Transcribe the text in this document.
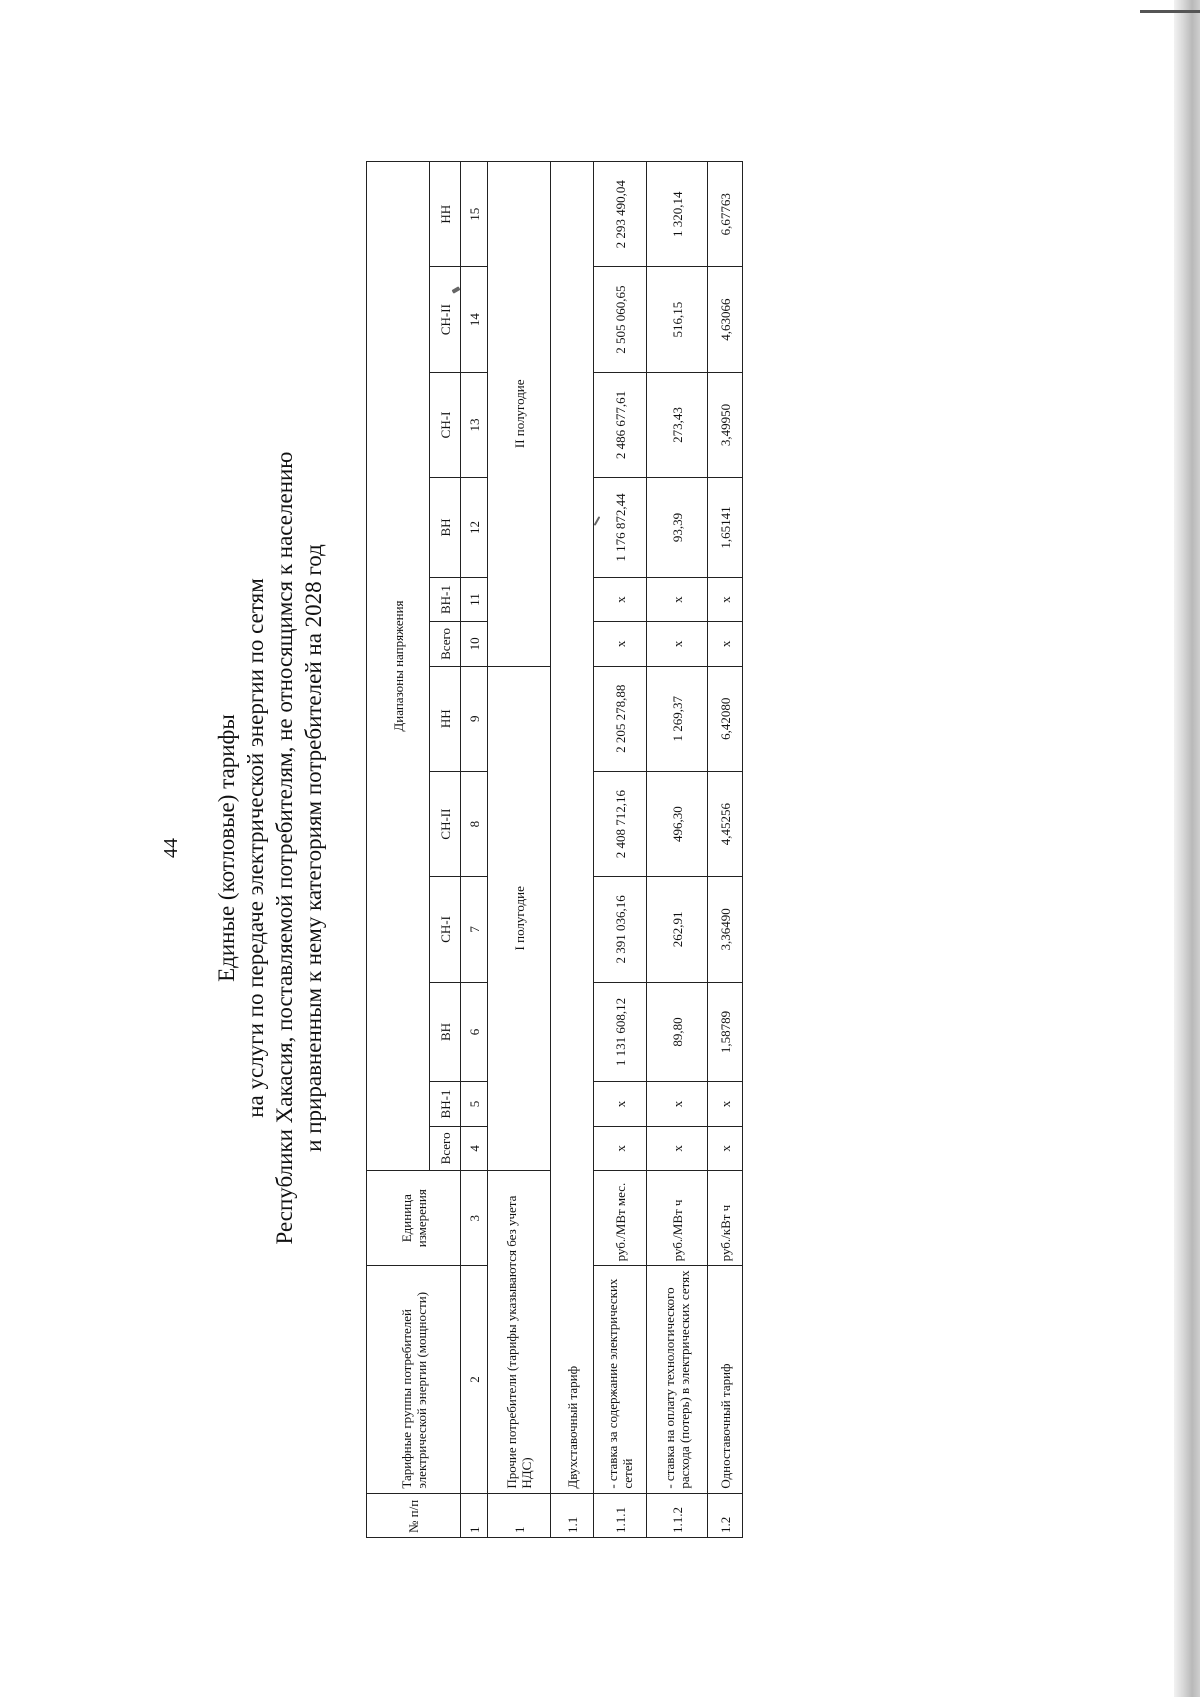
44 Единые (котловые) тарифы на услуги по передаче электрической энергии по сетям Республики Хакасия, поставляемой потребителям, не относящимся к населению и приравненным к нему категориям потребителей на 2028 год
№ п/п	Тарифные группы потребителей электрической энергии (мощности)	Единица измерения	Диапазоны напряжения											
			Всего	ВН-1	ВН	СН-I	СН-II	НН	Всего	ВН-1	ВН	СН-I	СН-II	НН
1	2	3	4	5	6	7	8	9	10	11	12	13	14	15
1	Прочие потребители (тарифы указываются без учета НДС)		I полугодие						II полугодие					
1.1	Двухставочный тариф													
1.1.1	- ставка за содержание электрических сетей	руб./МВт мес.	x	x	1 131 608,12	2 391 036,16	2 408 712,16	2 205 278,88	x	x	1 176 872,44	2 486 677,61	2 505 060,65	2 293 490,04
1.1.2	- ставка на оплату технологического расхода (потерь) в электрических сетях	руб./МВт ч	x	x	89,80	262,91	496,30	1 269,37	x	x	93,39	273,43	516,15	1 320,14
1.2	Одноставочный тариф	руб./кВт ч	x	x	1,58789	3,36490	4,45256	6,42080	x	x	1,65141	3,49950	4,63066	6,67763
